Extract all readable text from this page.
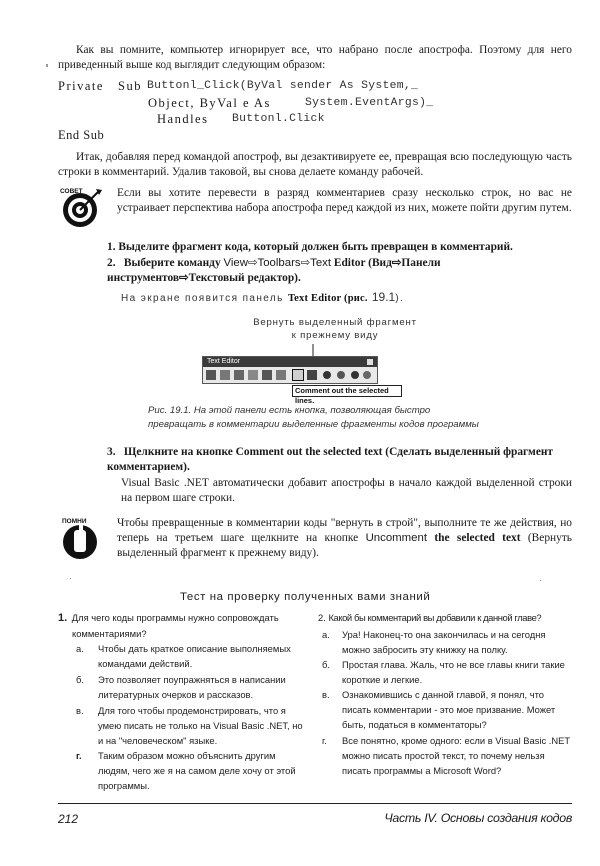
Как вы помните, компьютер игнорирует все, что набрано после апострофа. Поэтому для него приведенный выше код выглядит следующим образом:

Private Sub Buttonl_Click(ByVal sender As System,_
Object, ByVal e As	System.EventArgs)_
Handles Buttonl.Click
End Sub

Итак, добавляя перед командой апостроф, вы дезактивируете ее, превращая всю последующую часть строки в комментарий. Удалив таковой, вы снова делаете команду рабочей.

СОВЕТ	Если вы хотите перевести в разряд комментариев сразу несколько строк, но вас не устраивает перспектива набора апострофа перед каждой из них, можете пойти другим путем.

1. Выделите фрагмент кода, который должен быть превращен в комментарий.
2. Выберите команду View⇨Toolbars⇨Text Editor (Вид⇨Панели инструментов⇨Текстовый редактор).
На экране появится панель Text Editor (рис. 19.1).
Вернуть выделенный фрагмент к прежнему виду
Text Editor
Comment out the selected lines.
Рис. 19.1. На этой панели есть кнопка, позволяющая быстро превращать в комментарии выделенные фрагменты кодов программы
3. Щелкните на кнопке Comment out the selected text (Сделать выделенный фрагмент комментарием).

Visual Basic .NET автоматически добавит апострофы в начало каждой выделенной строки на первом шаге строки.

ПОМНИ	Чтобы превращенные в комментарии коды "вернуть в строй", выполните те же действия, но теперь на третьем шаге щелкните на кнопке Uncomment the selected text (Вернуть выделенный фрагмент к прежнему виду).

Тест на проверку полученных вами знаний
1. Для чего коды программы нужно сопровождать комментариями?
а.	Чтобы дать краткое описание выполняемых командами действий.
б.	Это позволяет поупражняться в написании литературных очерков и рассказов.
в.	Для того чтобы продемонстрировать, что я умею писать не только на Visual Basic .NET, но и на "человеческом" языке.
г.	Таким образом можно объяснить другим людям, чего же я на самом деле хочу от этой программы.
2. Какой бы комментарий вы добавили к данной главе?
а.	Ура! Наконец-то она закончилась и на сегодня можно забросить эту книжку на полку.
б.	Простая глава. Жаль, что не все главы книги такие короткие и легкие.
в.	Ознакомившись с данной главой, я понял, что писать комментарии - это мое призвание. Может быть, податься в комментаторы?
г.	Все понятно, кроме одного: если в Visual Basic .NET можно писать простой текст, то почему нельзя писать программы а Microsoft Word?
212	Часть IV. Основы создания кодов
